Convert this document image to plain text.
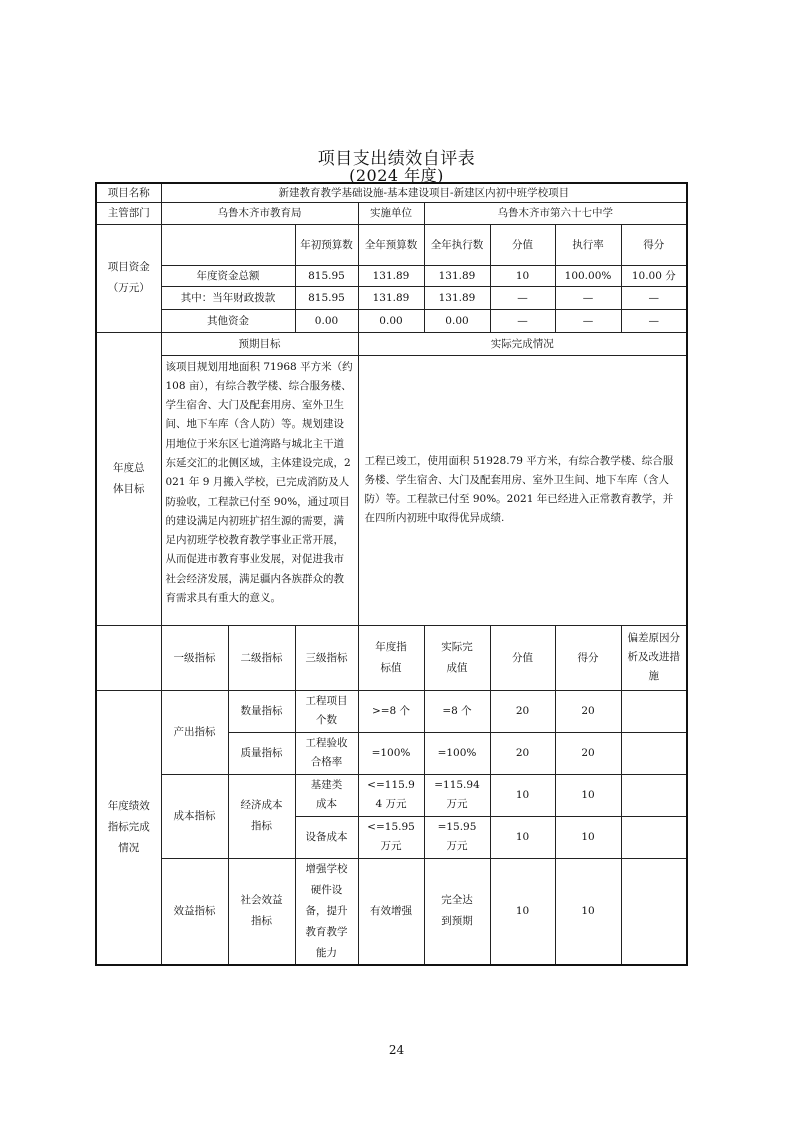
项目支出绩效自评表
(2024 年度)
项目名称	新建教育教学基础设施-基本建设项目-新建区内初中班学校项目							
主管部门	乌鲁木齐市教育局			实施单位	乌鲁木齐市第六十七中学			
项目资金
（万元）			年初预算数	全年预算数	全年执行数	分值	执行率	得分
	年度资金总额		815.95	131.89	131.89	10	100.00%	10.00 分
	其中：当年财政拨款		815.95	131.89	131.89	—	—	—
	其他资金		0.00	0.00	0.00	—	—	—
年度总体目标	预期目标			实际完成情况				
	该项目规划用地面积 71968 平方米（约 108 亩），有综合教学楼、综合服务楼、学生宿舍、大门及配套用房、室外卫生间、地下车库（含人防）等。规划建设用地位于米东区七道湾路与城北主干道东延交汇的北侧区域，主体建设完成，2021 年 9 月搬入学校，已完成消防及人防验收，工程款已付至 90%，通过项目的建设满足内初班扩招生源的需要，满足内初班学校教育教学事业正常开展，从而促进市教育事业发展，对促进我市社会经济发展，满足疆内各族群众的教育需求具有重大的意义。			工程已竣工，使用面积 51928.79 平方米，有综合教学楼、综合服务楼、学生宿舍、大门及配套用房、室外卫生间、地下车库（含人防）等。工程款已付至 90%。2021 年已经进入正常教育教学，并在四所内初班中取得优异成绩.				
	一级指标	二级指标	三级指标	年度指标值	实际完成值	分值	得分	偏差原因分析及改进措施
年度绩效指标完成情况	产出指标	数量指标	工程项目个数	>=8 个	=8 个	20	20	
		质量指标	工程验收合格率	=100%	=100%	20	20	
	成本指标	经济成本指标	基建类成本	<=115.94 万元	=115.94 万元	10	10	
			设备成本	<=15.95 万元	=15.95 万元	10	10	
	效益指标	社会效益指标	增强学校硬件设备，提升教育教学能力	有效增强	完全达到预期	10	10	
24
